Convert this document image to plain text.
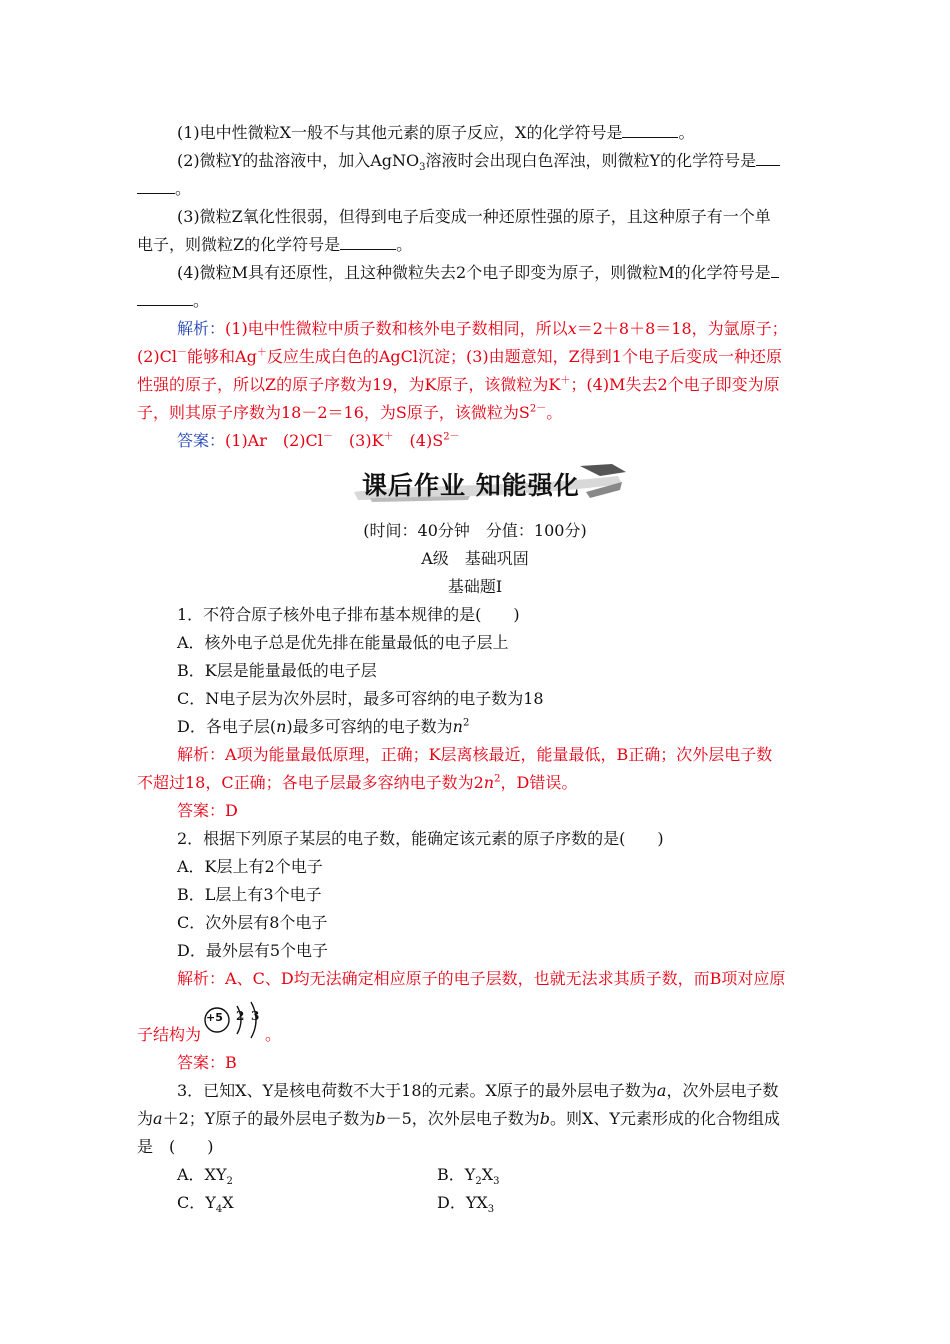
(1)电中性微粒X一般不与其他元素的原子反应，X的化学符号是	。
(2)微粒Y的盐溶液中，加入AgNO$_3$溶液时会出现白色浑浊，则微粒Y的化学符号是
。
(3)微粒Z氧化性很弱，但得到电子后变成一种还原性强的原子，且这种原子有一个单
电子，则微粒Z的化学符号是	。
(4)微粒M具有还原性，且这种微粒失去2个电子即变为原子，则微粒M的化学符号是
。
解析：(1)电中性微粒中质子数和核外电子数相同，所以x＝2＋8＋8＝18，为氩原子；
(2)Cl－能够和Ag＋反应生成白色的AgCl沉淀；(3)由题意知，Z得到1个电子后变成一种还原
性强的原子，所以Z的原子序数为19，为K原子，该微粒为K＋；(4)M失去2个电子即变为原
子，则其原子序数为18－2＝16，为S原子，该微粒为$S^{2-}$。
答案：(1)Ar　(2)Cl－　(3)K＋　$(4)S^{2-}$
课后作业 知能强化
(时间：40分钟　分值：100分)
A级　基础巩固
基础题Ⅰ
1．不符合原子核外电子排布基本规律的是(　　)
A．核外电子总是优先排在能量最低的电子层上
B．K层是能量最低的电子层
C．N电子层为次外层时，最多可容纳的电子数为18
D．各电子层(n)最多可容纳的电子数为$n^2$
解析：A项为能量最低原理，正确；K层离核最近，能量最低，B正确；次外层电子数
不超过18，C正确；各电子层最多容纳电子数为$2n^2$，D错误。
答案：D
2．根据下列原子某层的电子数，能确定该元素的原子序数的是(　　)
A．K层上有2个电子
B．L层上有3个电子
C．次外层有8个电子
D．最外层有5个电子
解析：A、C、D均无法确定相应原子的电子层数，也就无法求其质子数，而B项对应原
子结构为	。
+5 2 3
答案：B
3．已知X、Y是核电荷数不大于18的元素。X原子的最外层电子数为a，次外层电子数
为a＋2；Y原子的最外层电子数为b－5，次外层电子数为b。则X、Y元素形成的化合物组成
是　(　　)
A．$XY_2$	B．$Y_2X_3$
C．$Y_4X$	D．$YX_3$
